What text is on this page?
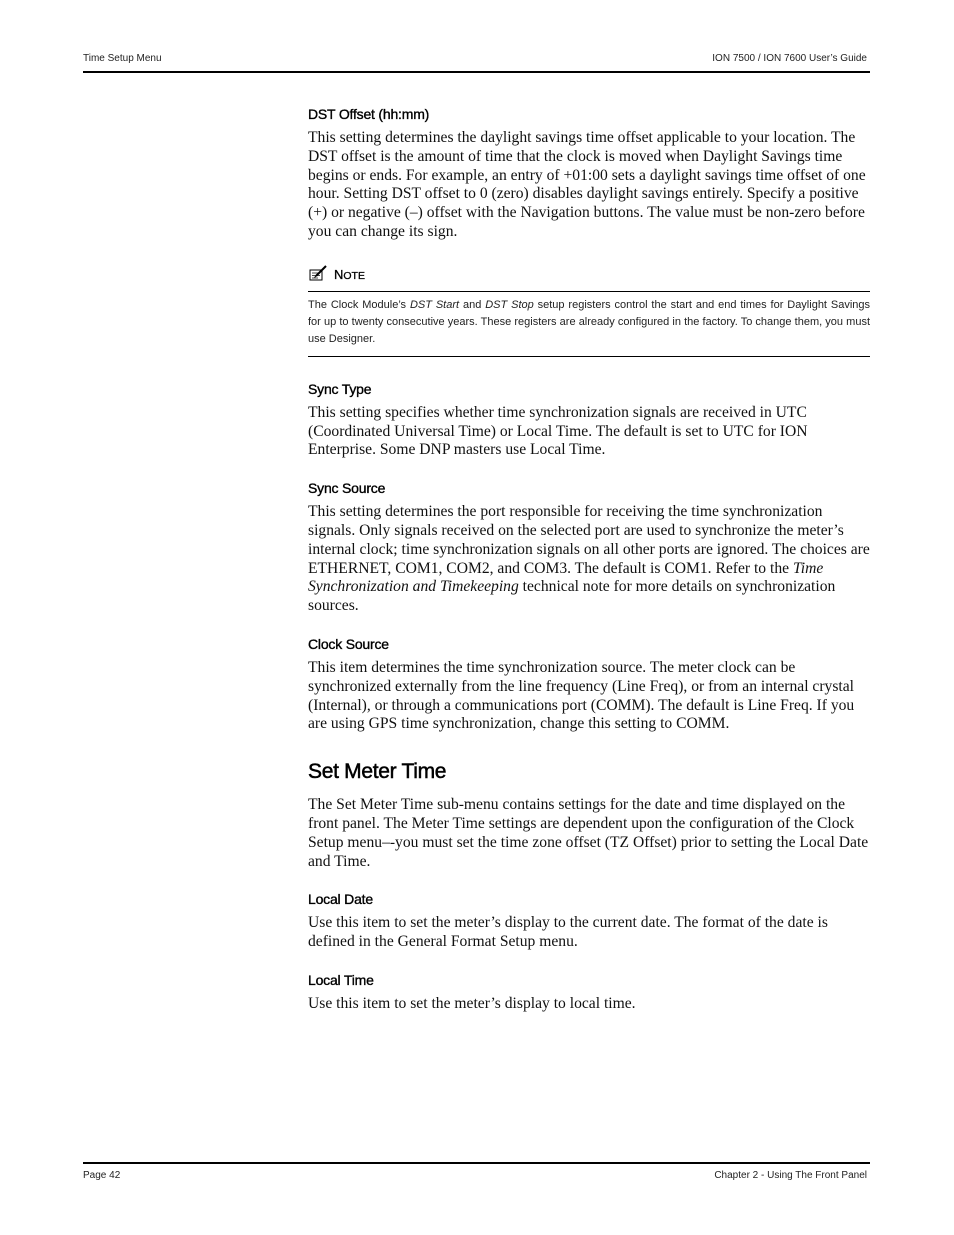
Time Setup Menu	ION 7500 / ION 7600 User’s Guide
DST Offset (hh:mm)

This setting determines the daylight savings time offset applicable to your location. The DST offset is the amount of time that the clock is moved when Daylight Savings time begins or ends. For example, an entry of +01:00 sets a daylight savings time offset of one hour. Setting DST offset to 0 (zero) disables daylight savings entirely. Specify a positive (+) or negative (–) offset with the Navigation buttons. The value must be non-zero before you can change its sign.

NOTE
The Clock Module’s DST Start and DST Stop setup registers control the start and end times for Daylight Savings for up to twenty consecutive years. These registers are already configured in the factory. To change them, you must use Designer.
Sync Type

This setting specifies whether time synchronization signals are received in UTC (Coordinated Universal Time) or Local Time. The default is set to UTC for ION Enterprise. Some DNP masters use Local Time.

Sync Source

This setting determines the port responsible for receiving the time synchronization signals. Only signals received on the selected port are used to synchronize the meter’s internal clock; time synchronization signals on all other ports are ignored. The choices are ETHERNET, COM1, COM2, and COM3. The default is COM1. Refer to the Time Synchronization and Timekeeping technical note for more details on synchronization sources.

Clock Source

This item determines the time synchronization source. The meter clock can be synchronized externally from the line frequency (Line Freq), or from an internal crystal (Internal), or through a communications port (COMM). The default is Line Freq. If you are using GPS time synchronization, change this setting to COMM.

Set Meter Time

The Set Meter Time sub-menu contains settings for the date and time displayed on the front panel. The Meter Time settings are dependent upon the configuration of the Clock Setup menu–-you must set the time zone offset (TZ Offset) prior to setting the Local Date and Time.

Local Date

Use this item to set the meter’s display to the current date. The format of the date is defined in the General Format Setup menu.

Local Time

Use this item to set the meter’s display to local time.

Page 42	Chapter 2 - Using The Front Panel
